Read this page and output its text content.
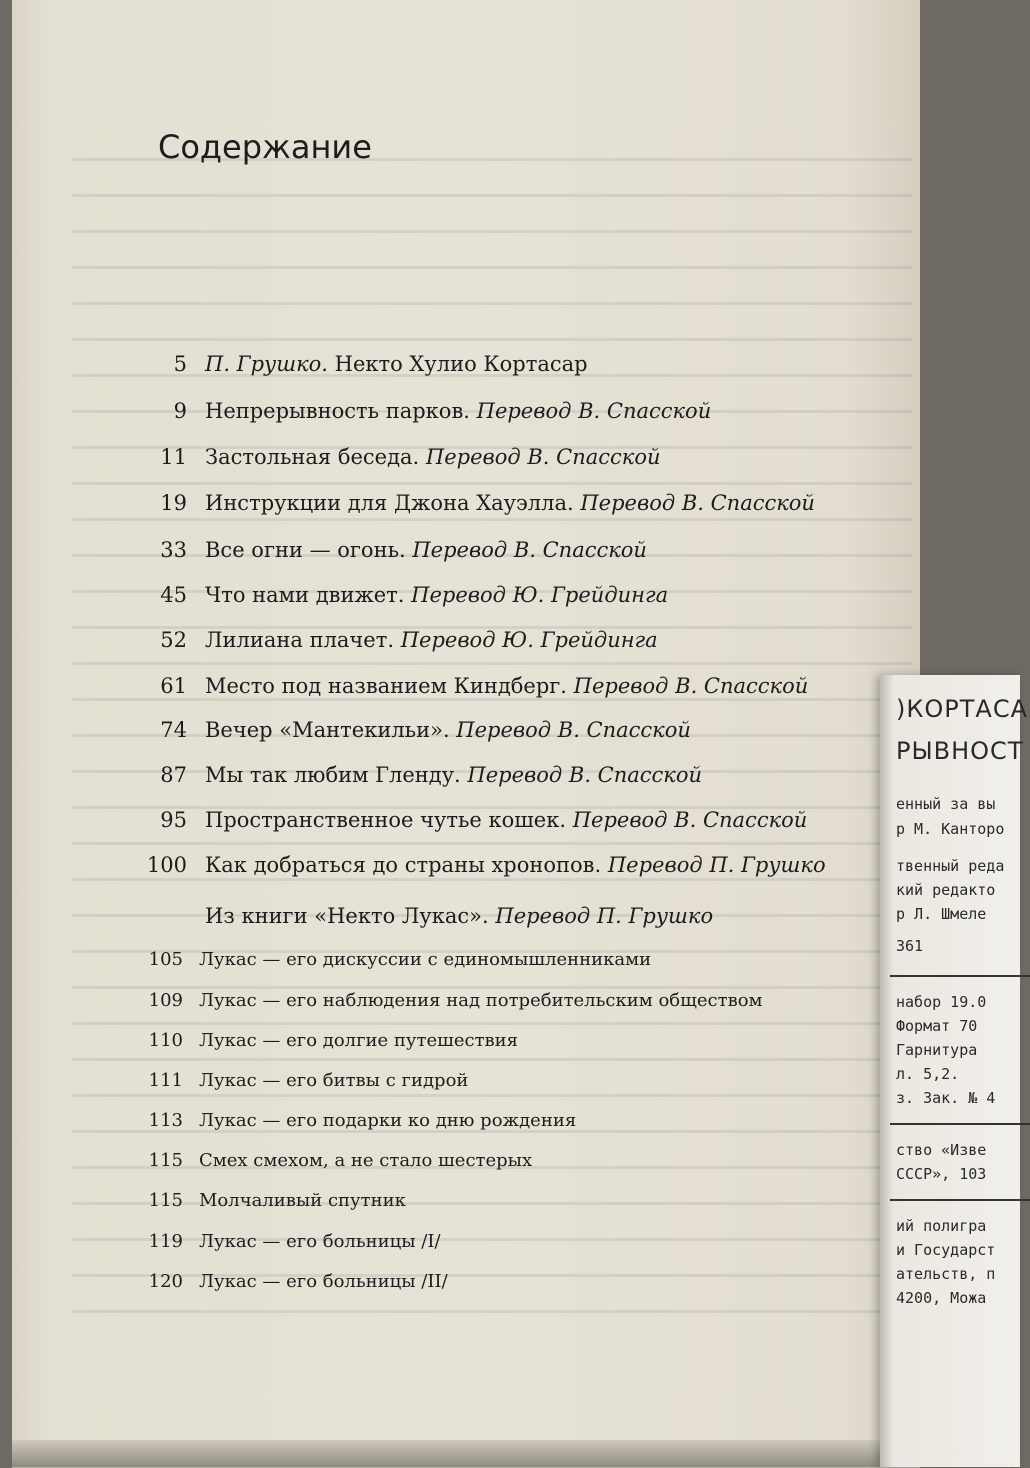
Содержание
5 П. Грушко. Некто Хулио Кортасар
9 Непрерывность парков. Перевод В. Спасской
11 Застольная беседа. Перевод В. Спасской
19 Инструкции для Джона Хауэлла. Перевод В. Спасской
33 Все огни — огонь. Перевод В. Спасской
45 Что нами движет. Перевод Ю. Грейдинга
52 Лилиана плачет. Перевод Ю. Грейдинга
61 Место под названием Киндберг. Перевод В. Спасской
74 Вечер «Мантекильи». Перевод В. Спасской
87 Мы так любим Гленду. Перевод В. Спасской
95 Пространственное чутье кошек. Перевод В. Спасской
100 Как добраться до страны хронопов. Перевод П. Грушко
Из книги «Некто Лукас». Перевод П. Грушко
105 Лукас — его дискуссии с единомышленниками
109 Лукас — его наблюдения над потребительским обществом
110 Лукас — его долгие путешествия
111 Лукас — его битвы с гидрой
113 Лукас — его подарки ко дню рождения
115 Смех смехом, а не стало шестерых
115 Молчаливый спутник
119 Лукас — его больницы /I/
120 Лукас — его больницы /II/
)КОРТАСА
РЫВНОСТ
енный за вы
р М. Канторо
твенный реда
кий редакто
р Л. Шмеле
361
набор 19.0
Формат 70
Гарнитура
л. 5,2.
з. Зак. № 4
ство «Изве
СССР», 103
ий полигра
и Государст
ательств, п
4200, Можа
www.ay.by
